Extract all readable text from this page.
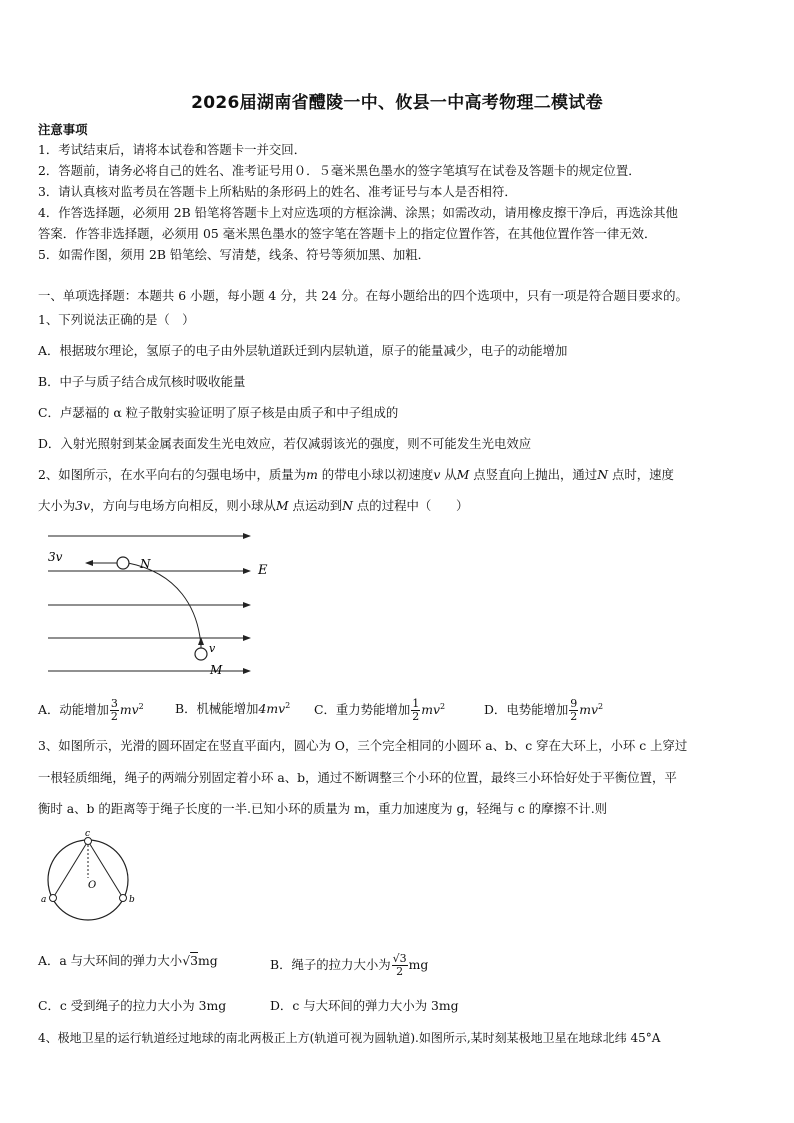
2026届湖南省醴陵一中、攸县一中高考物理二模试卷
注意事项
1．考试结束后，请将本试卷和答题卡一并交回．
2．答题前，请务必将自己的姓名、准考证号用０．５毫米黑色墨水的签字笔填写在试卷及答题卡的规定位置．
3．请认真核对监考员在答题卡上所粘贴的条形码上的姓名、准考证号与本人是否相符．
4．作答选择题，必须用 2B 铅笔将答题卡上对应选项的方框涂满、涂黑；如需改动，请用橡皮擦干净后，再选涂其他
答案．作答非选择题，必须用 05 毫米黑色墨水的签字笔在答题卡上的指定位置作答，在其他位置作答一律无效．
5．如需作图，须用 2B 铅笔绘、写清楚，线条、符号等须加黑、加粗．
一、单项选择题：本题共 6 小题，每小题 4 分，共 24 分。在每小题给出的四个选项中，只有一项是符合题目要求的。
1、下列说法正确的是（　）
A．根据玻尔理论，氢原子的电子由外层轨道跃迁到内层轨道，原子的能量减少，电子的动能增加
B．中子与质子结合成氘核时吸收能量
C．卢瑟福的 α 粒子散射实验证明了原子核是由质子和中子组成的
D．入射光照射到某金属表面发生光电效应，若仅减弱该光的强度，则不可能发生光电效应
2、如图所示，在水平向右的匀强电场中，质量为m 的带电小球以初速度v 从M 点竖直向上抛出，通过N 点时，速度
大小为3v，方向与电场方向相反，则小球从M 点运动到N 点的过程中（　　）
3v	N	E
v
M
A．动能增加 $\frac{3}{2} mv^2$	B．机械能增加$4mv^2$ C．重力势能增加 $\frac{1}{2} mv^2$	D．电势能增加 $\frac{9}{2} mv^2$
3、如图所示，光滑的圆环固定在竖直平面内，圆心为 O，三个完全相同的小圆环 a、b、c 穿在大环上，小环 c 上穿过
一根轻质细绳，绳子的两端分别固定着小环 a、b，通过不断调整三个小环的位置，最终三小环恰好处于平衡位置，平
衡时 a、b 的距离等于绳子长度的一半.已知小环的质量为 m，重力加速度为 g，轻绳与 c 的摩擦不计.则
c
O
a	b
A．a 与大环间的弹力大小√3mg	B．绳子的拉力大小为 $\frac{√3}{2}$ mg
C．c 受到绳子的拉力大小为 3mg	D．c 与大环间的弹力大小为 3mg
4、极地卫星的运行轨道经过地球的南北两极正上方(轨道可视为圆轨道).如图所示,某时刻某极地卫星在地球北纬 45°A
